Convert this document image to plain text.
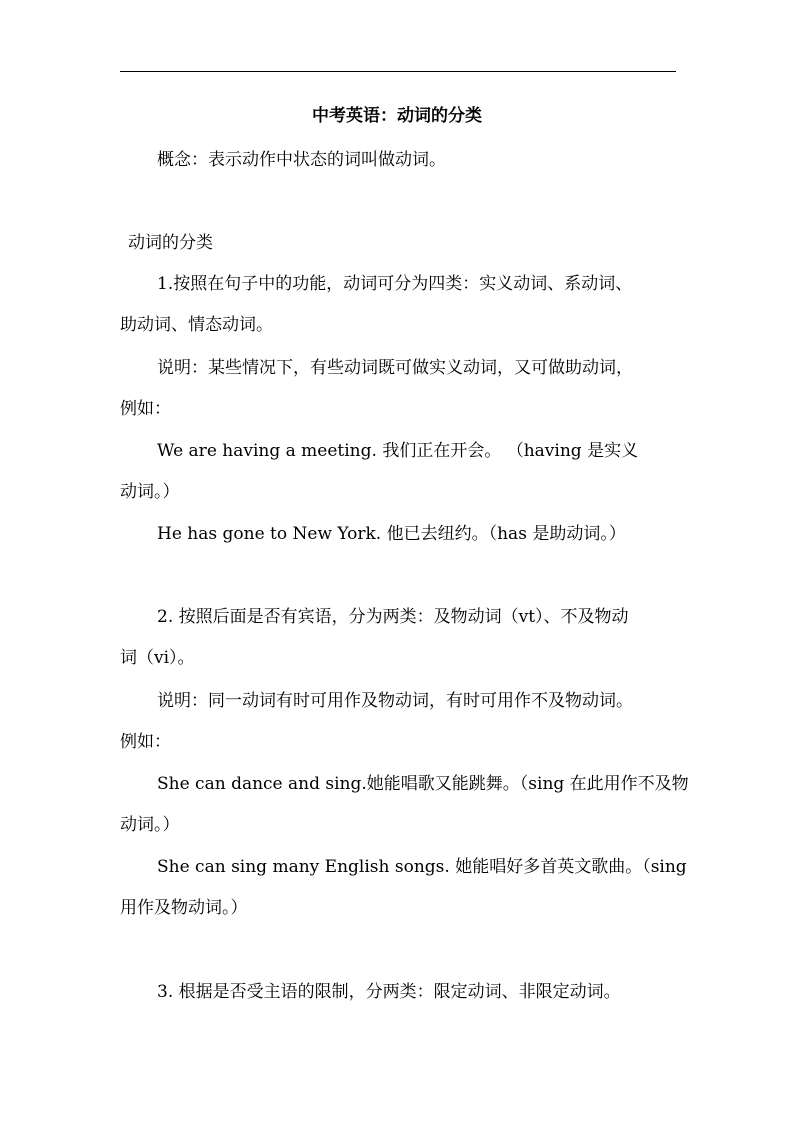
中考英语：动词的分类
概念：表示动作中状态的词叫做动词。
动词的分类
1.按照在句子中的功能，动词可分为四类：实义动词、系动词、
助动词、情态动词。
说明：某些情况下，有些动词既可做实义动词，又可做助动词，
例如：
We are having a meeting. 我们正在开会。 （having 是实义
动词。）
He has gone to New York. 他已去纽约。（has 是助动词。）
2. 按照后面是否有宾语，分为两类：及物动词（vt）、不及物动
词（vi）。
说明：同一动词有时可用作及物动词，有时可用作不及物动词。
例如：
She can dance and sing.她能唱歌又能跳舞。（sing 在此用作不及物
动词。）
She can sing many English songs. 她能唱好多首英文歌曲。（sing
用作及物动词。）
3. 根据是否受主语的限制，分两类：限定动词、非限定动词。
